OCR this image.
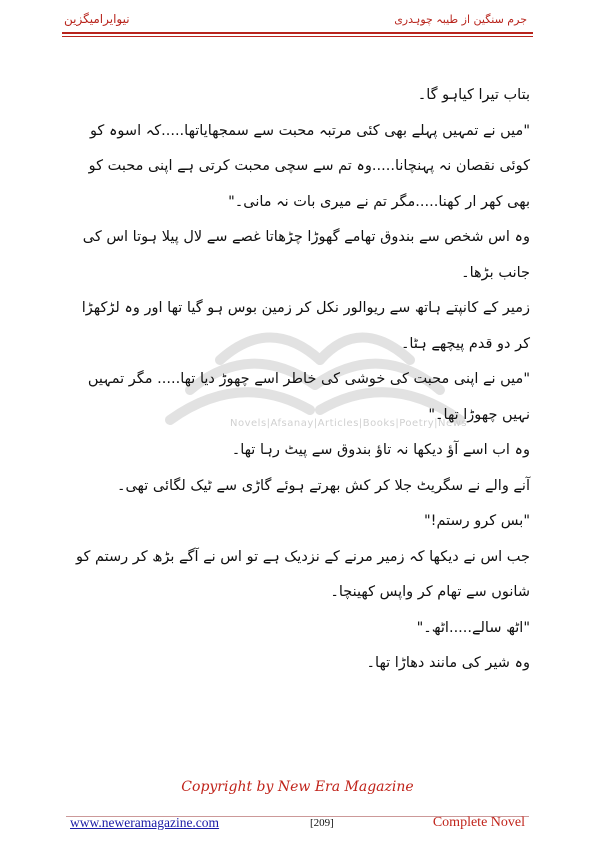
نیوایرامیگزین	جرم سنگین از طیبہ چوہدری
Novels|Afsanay|Articles|Books|Poetry|News

بتاب تیرا کیاہو گا۔

"میں نے تمہیں پہلے بھی کئی مرتبہ محبت سے سمجھایاتھا.....کہ اسوہ کو کوئی نقصان نہ پہنچانا.....وہ تم سے سچی محبت کرتی ہے اپنی محبت کو بھی کھر ار کھنا.....مگر تم نے میری بات نہ مانی۔"

وہ اس شخص سے بندوق تھامے گھوڑا چڑھاتا غصے سے لال پیلا ہوتا اس کی جانب بڑھا۔

زمیر کے کانپتے ہاتھ سے ریوالور نکل کر زمین بوس ہو گیا تھا اور وہ لڑکھڑا کر دو قدم پیچھے ہٹا۔

"میں نے اپنی محبت کی خوشی کی خاطر اسے چھوڑ دیا تھا..... مگر تمہیں نہیں چھوڑا تھا۔"

وہ اب اسے آؤ دیکھا نہ تاؤ بندوق سے پیٹ رہا تھا۔

آنے والے نے سگریٹ جلا کر کش بھرتے ہوئے گاڑی سے ٹیک لگائی تھی۔

"بس کرو رستم!"

جب اس نے دیکھا کہ زمیر مرنے کے نزدیک ہے تو اس نے آگے بڑھ کر رستم کو شانوں سے تھام کر واپس کھینچا۔

"اٹھ سالے.....اٹھ۔"

وہ شیر کی مانند دھاڑا تھا۔

Copyright by New Era Magazine
www.neweramagazine.com	[209]	Complete Novel
